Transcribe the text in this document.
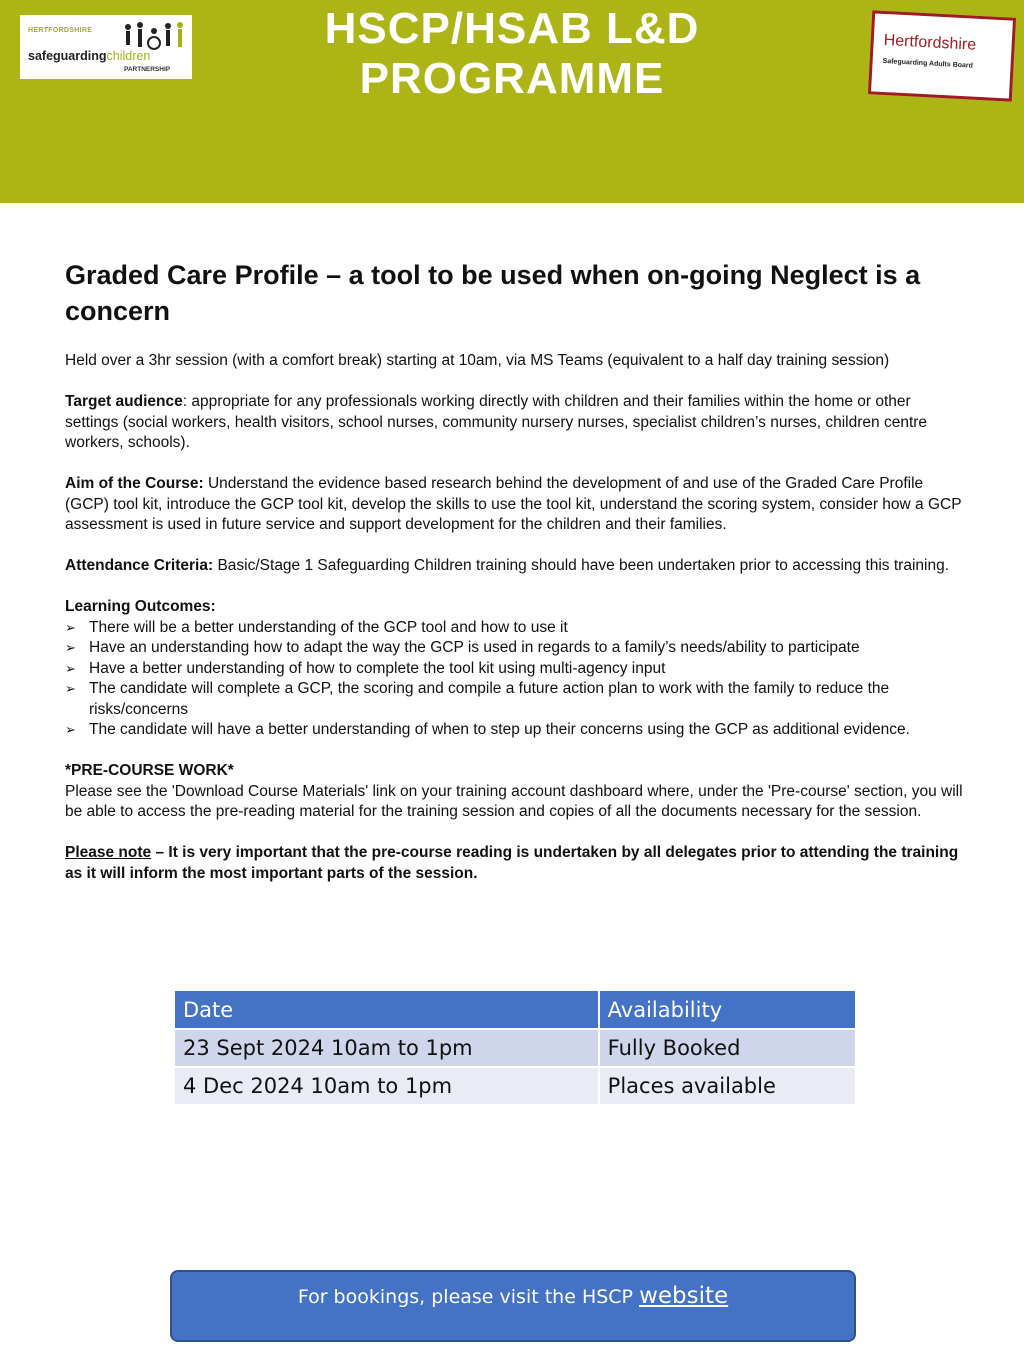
HERTFORDSHIRE
safeguardingchildren
PARTNERSHIP
HSCP/HSAB L&D
PROGRAMME
Hertfordshire
Safeguarding Adults Board
Graded Care Profile – a tool to be used when on-going Neglect is a concern

Held over a 3hr session (with a comfort break) starting at 10am, via MS Teams (equivalent to a half day training session)

Target audience: appropriate for any professionals working directly with children and their families within the home or other settings (social workers, health visitors, school nurses, community nursery nurses, specialist children’s nurses, children centre workers, schools).

Aim of the Course: Understand the evidence based research behind the development of and use of the Graded Care Profile (GCP) tool kit, introduce the GCP tool kit, develop the skills to use the tool kit, understand the scoring system, consider how a GCP assessment is used in future service and support development for the children and their families.

Attendance Criteria: Basic/Stage 1 Safeguarding Children training should have been undertaken prior to accessing this training.

Learning Outcomes:

➢ There will be a better understanding of the GCP tool and how to use it
➢ Have an understanding how to adapt the way the GCP is used in regards to a family’s needs/ability to participate
➢ Have a better understanding of how to complete the tool kit using multi-agency input
➢ The candidate will complete a GCP, the scoring and compile a future action plan to work with the family to reduce the risks/concerns
➢ The candidate will have a better understanding of when to step up their concerns using the GCP as additional evidence.

*PRE-COURSE WORK*

Please see the 'Download Course Materials' link on your training account dashboard where, under the 'Pre-course' section, you will be able to access the pre-reading material for the training session and copies of all the documents necessary for the session.

Please note – It is very important that the pre-course reading is undertaken by all delegates prior to attending the training as it will inform the most important parts of the session.

Date	Availability
23 Sept 2024 10am to 1pm	Fully Booked
4 Dec 2024 10am to 1pm	Places available
For bookings, please visit the HSCP website
